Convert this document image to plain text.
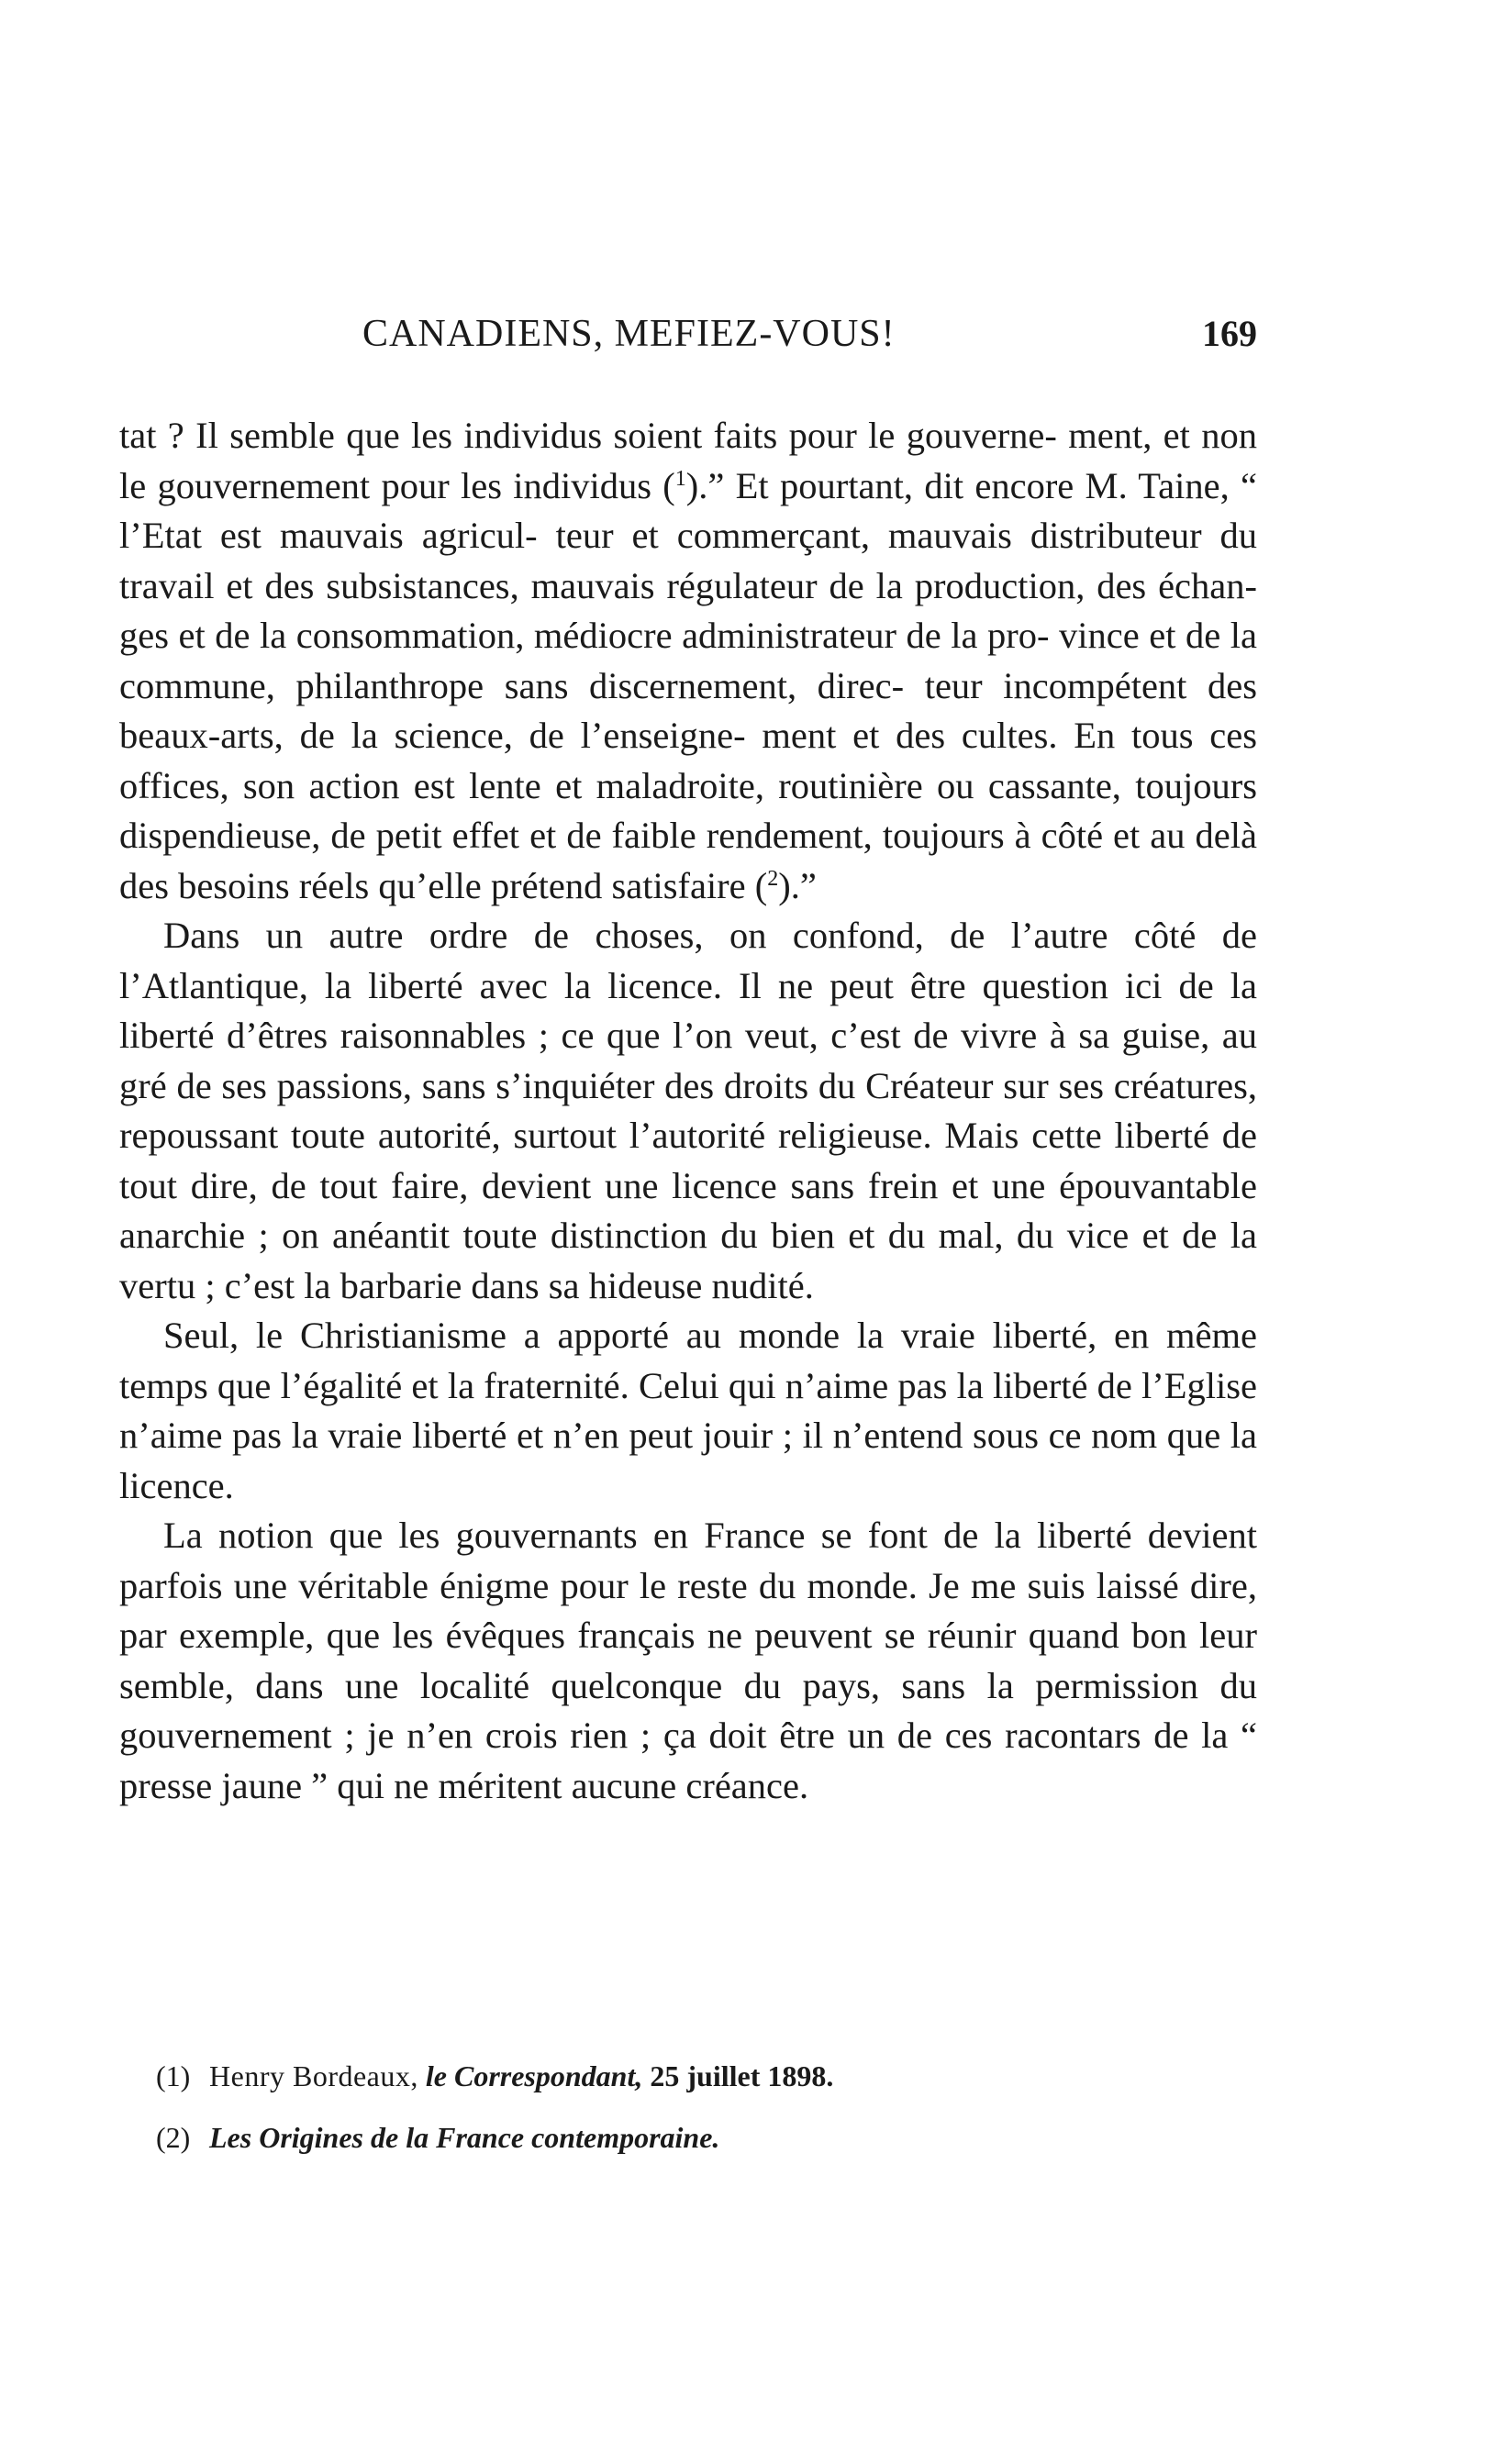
CANADIENS, MEFIEZ-VOUS!	169

tat ? Il semble que les individus soient faits pour le gouverne- ment, et non le gouvernement pour les individus ($^1$).” Et pourtant, dit encore M. Taine, “ l’Etat est mauvais agricul- teur et commerçant, mauvais distributeur du travail et des subsistances, mauvais régulateur de la production, des échan- ges et de la consommation, médiocre administrateur de la pro- vince et de la commune, philanthrope sans discernement, direc- teur incompétent des beaux-arts, de la science, de l’enseigne- ment et des cultes. En tous ces offices, son action est lente et maladroite, routinière ou cassante, toujours dispendieuse, de petit effet et de faible rendement, toujours à côté et au delà des besoins réels qu’elle prétend satisfaire ($^2$).”

Dans un autre ordre de choses, on confond, de l’autre côté de l’Atlantique, la liberté avec la licence. Il ne peut être question ici de la liberté d’êtres raisonnables ; ce que l’on veut, c’est de vivre à sa guise, au gré de ses passions, sans s’inquiéter des droits du Créateur sur ses créatures, repoussant toute autorité, surtout l’autorité religieuse. Mais cette liberté de tout dire, de tout faire, devient une licence sans frein et une épouvantable anarchie ; on anéantit toute distinction du bien et du mal, du vice et de la vertu ; c’est la barbarie dans sa hideuse nudité.

Seul, le Christianisme a apporté au monde la vraie liberté, en même temps que l’égalité et la fraternité. Celui qui n’aime pas la liberté de l’Eglise n’aime pas la vraie liberté et n’en peut jouir ; il n’entend sous ce nom que la licence.

La notion que les gouvernants en France se font de la liberté devient parfois une véritable énigme pour le reste du monde. Je me suis laissé dire, par exemple, que les évêques français ne peuvent se réunir quand bon leur semble, dans une localité quelconque du pays, sans la permission du gouvernement ; je n’en crois rien ; ça doit être un de ces racontars de la “ presse jaune ” qui ne méritent aucune créance.

(1) Henry Bordeaux, le Correspondant, 25 juillet 1898.

(2) Les Origines de la France contemporaine.
